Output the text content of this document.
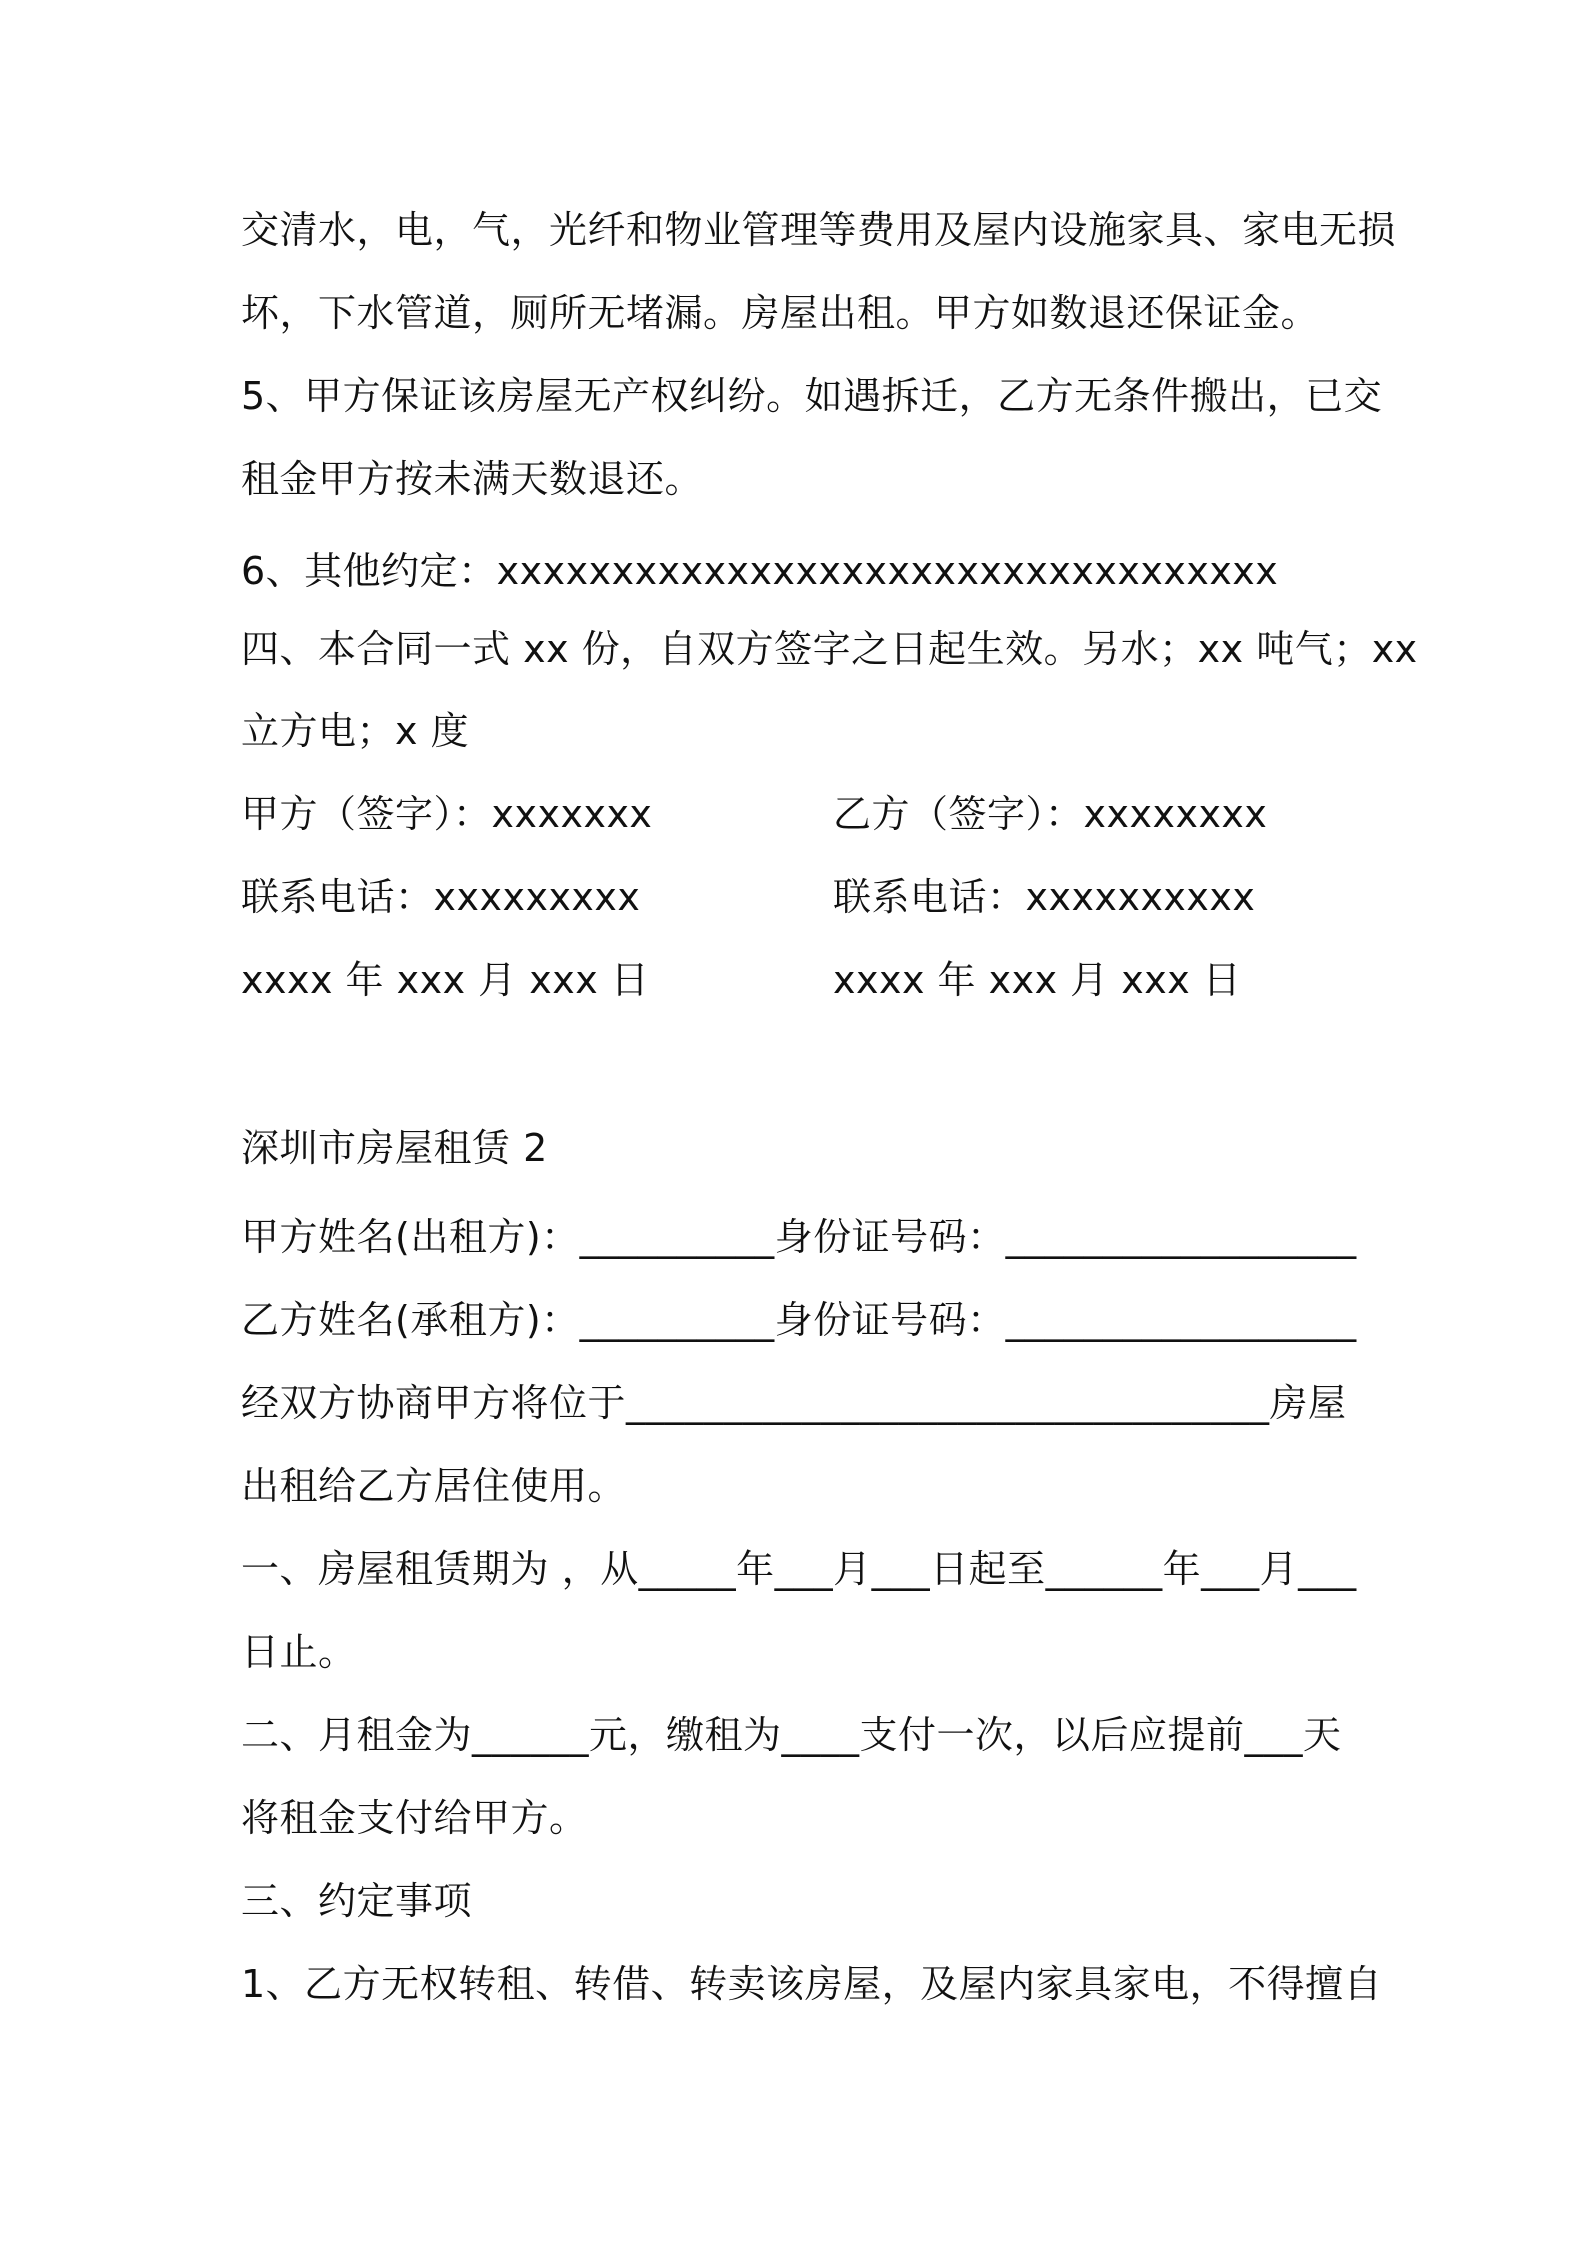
交清水，电，气，光纤和物业管理等费用及屋内设施家具、家电无损
坏，下水管道，厕所无堵漏。房屋出租。甲方如数退还保证金。
5、甲方保证该房屋无产权纠纷。如遇拆迁，乙方无条件搬出，已交
租金甲方按未满天数退还。
6、其他约定：xxxxxxxxxxxxxxxxxxxxxxxxxxxxxxxxxx
四、本合同一式 xx 份，自双方签字之日起生效。另水；xx 吨气；xx
立方电；x 度
甲方（签字）：xxxxxxx	乙方（签字）：xxxxxxxx
联系电话：xxxxxxxxx	联系电话：xxxxxxxxxx
xxxx 年 xxx 月 xxx 日	xxxx 年 xxx 月 xxx 日
深圳市房屋租赁 2
甲方姓名(出租方)：__________身份证号码：__________________
乙方姓名(承租方)：__________身份证号码：__________________
经双方协商甲方将位于_________________________________房屋
出租给乙方居住使用。
一、房屋租赁期为 ，从_____年___月___日起至______年___月___
日止。
二、月租金为______元，缴租为____支付一次，以后应提前___天
将租金支付给甲方。
三、约定事项
1、乙方无权转租、转借、转卖该房屋，及屋内家具家电，不得擅自
